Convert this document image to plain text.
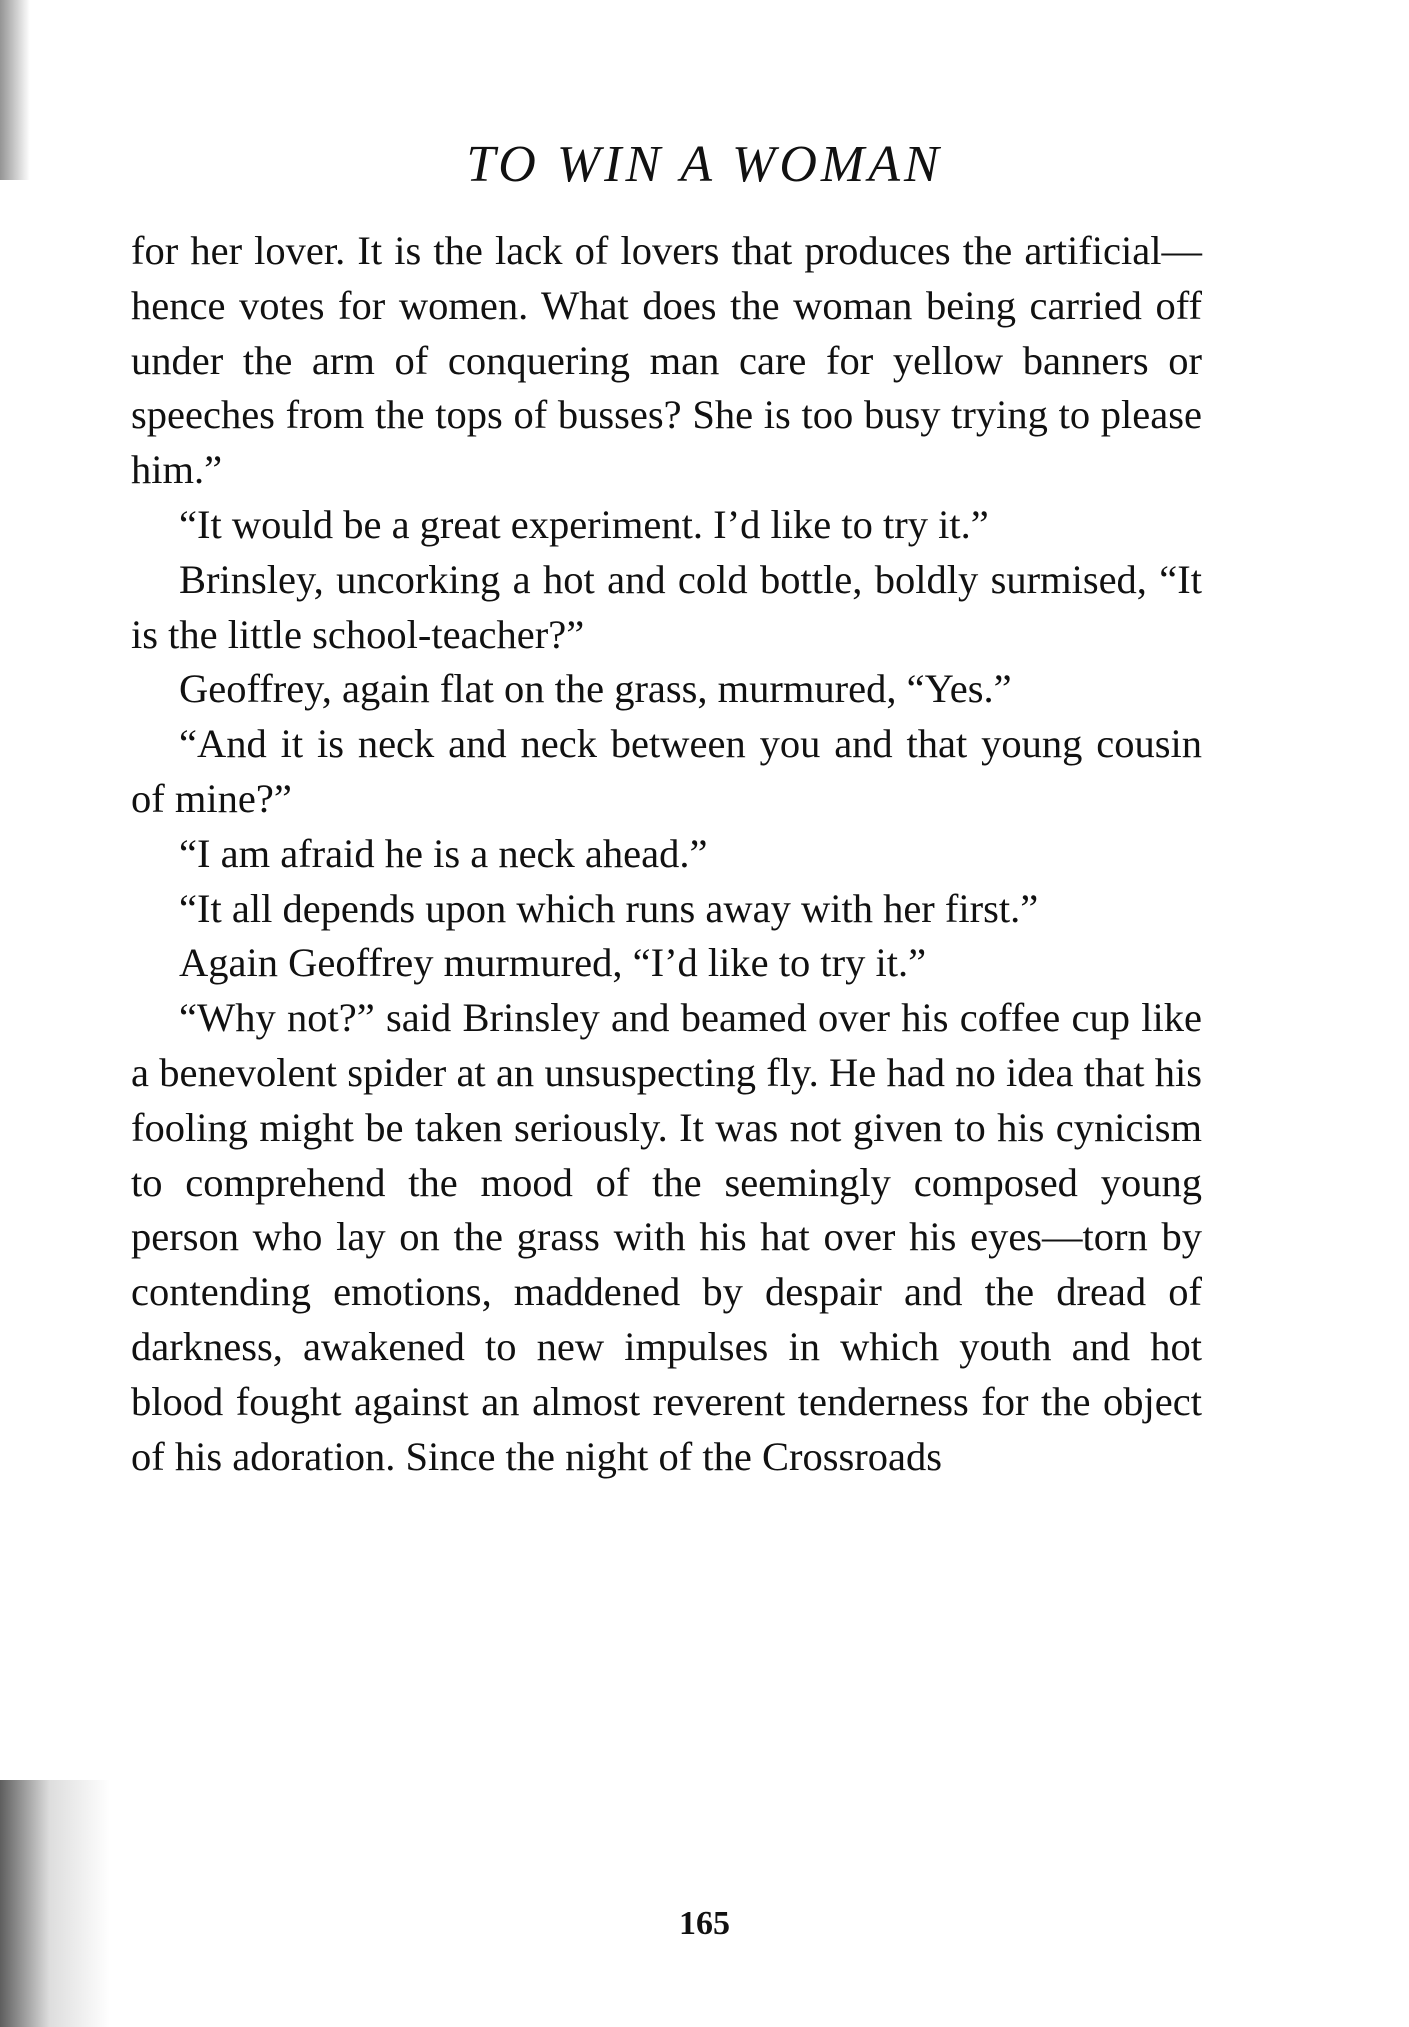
TO WIN A WOMAN

for her lover. It is the lack of lovers that produces the artificial—hence votes for women. What does the woman being carried off under the arm of conquering man care for yellow banners or speeches from the tops of busses? She is too busy trying to please him.”

“It would be a great experiment. I’d like to try it.”

Brinsley, uncorking a hot and cold bottle, boldly surmised, “It is the little school-teacher?”

Geoffrey, again flat on the grass, murmured, “Yes.”

“And it is neck and neck between you and that young cousin of mine?”

“I am afraid he is a neck ahead.”

“It all depends upon which runs away with her first.”

Again Geoffrey murmured, “I’d like to try it.”

“Why not?” said Brinsley and beamed over his coffee cup like a benevolent spider at an unsuspecting fly. He had no idea that his fooling might be taken seriously. It was not given to his cynicism to comprehend the mood of the seemingly composed young person who lay on the grass with his hat over his eyes—torn by contending emotions, maddened by despair and the dread of darkness, awakened to new impulses in which youth and hot blood fought against an almost reverent tenderness for the object of his adoration. Since the night of the Crossroads

165
